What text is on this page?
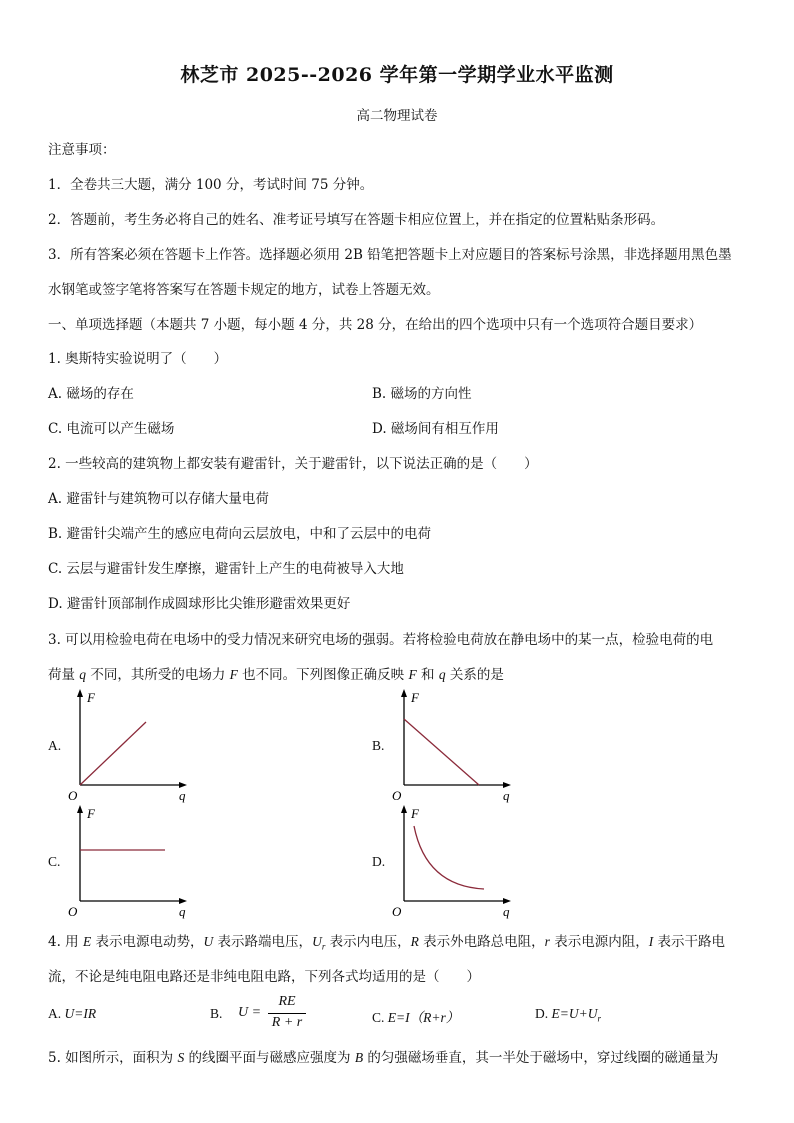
林芝市 2025--2026 学年第一学期学业水平监测
高二物理试卷
注意事项：
1．全卷共三大题，满分 100 分，考试时间 75 分钟。
2．答题前，考生务必将自己的姓名、准考证号填写在答题卡相应位置上，并在指定的位置粘贴条形码。
3．所有答案必须在答题卡上作答。选择题必须用 2B 铅笔把答题卡上对应题目的答案标号涂黑，非选择题用黑色墨
水钢笔或签字笔将答案写在答题卡规定的地方，试卷上答题无效。
一、单项选择题（本题共 7 小题，每小题 4 分，共 28 分，在给出的四个选项中只有一个选项符合题目要求）
1. 奥斯特实验说明了（　　）
A. 磁场的存在	B. 磁场的方向性
C. 电流可以产生磁场	D. 磁场间有相互作用
2. 一些较高的建筑物上都安装有避雷针，关于避雷针，以下说法正确的是（　　）
A. 避雷针与建筑物可以存储大量电荷
B. 避雷针尖端产生的感应电荷向云层放电，中和了云层中的电荷
C. 云层与避雷针发生摩擦，避雷针上产生的电荷被导入大地
D. 避雷针顶部制作成圆球形比尖锥形避雷效果更好
3. 可以用检验电荷在电场中的受力情况来研究电场的强弱。若将检验电荷放在静电场中的某一点，检验电荷的电
荷量 q 不同，其所受的电场力 F 也不同。下列图像正确反映 F 和 q 关系的是
A.	B.
C.	D.
F
q
O
F
q
O
F
q
O
F
q
O
4. 用 E 表示电源电动势，U 表示路端电压，$U_r$ 表示内电压，R 表示外电路总电阻，r 表示电源内阻，I 表示干路电
流，不论是纯电阻电路还是非纯电阻电路，下列各式均适用的是（　　）
A. U=IR	B. U =
RE
R + r	C. E=I（R+r）	D. $E=U+U_r$
5. 如图所示，面积为 S 的线圈平面与磁感应强度为 B 的匀强磁场垂直，其一半处于磁场中，穿过线圈的磁通量为
